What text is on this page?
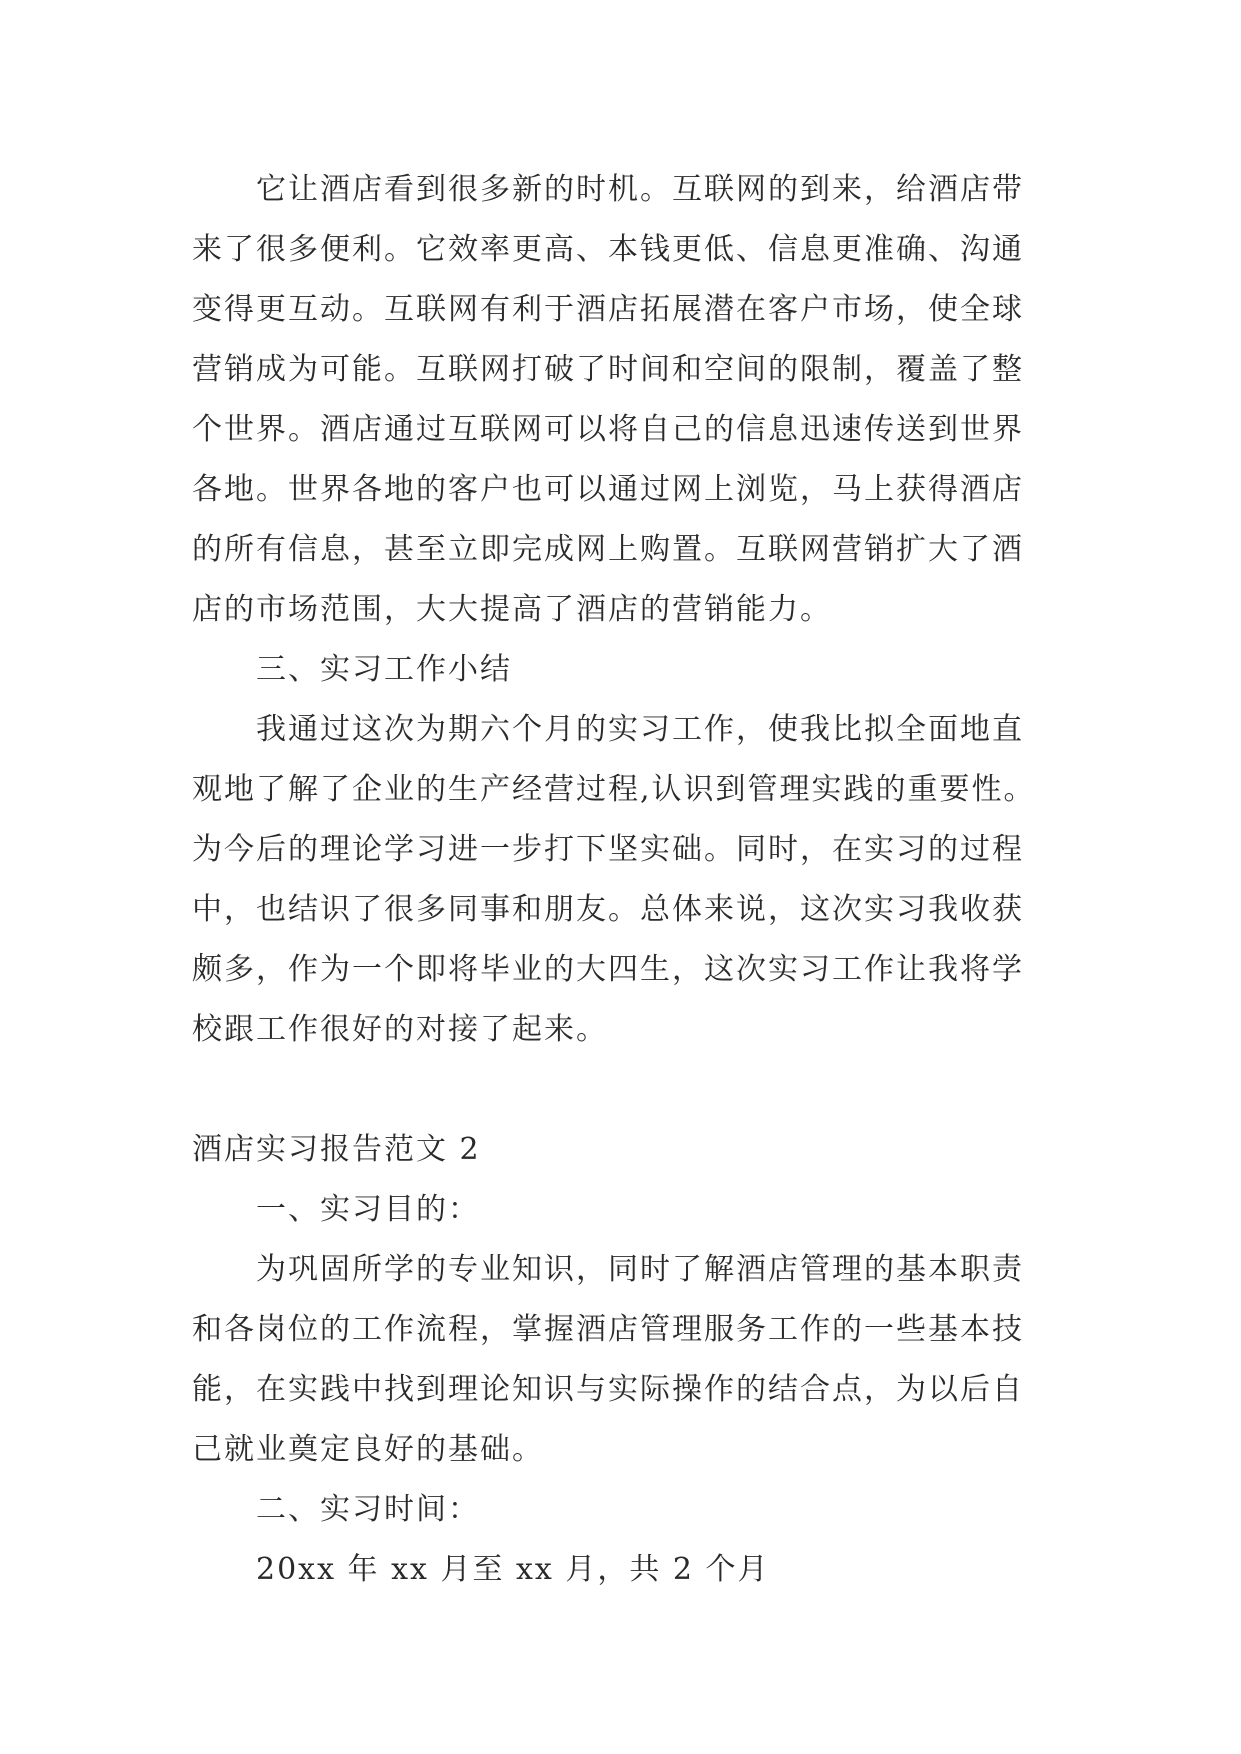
它让酒店看到很多新的时机。互联网的到来，给酒店带来了很多便利。它效率更高、本钱更低、信息更准确、沟通变得更互动。互联网有利于酒店拓展潜在客户市场，使全球营销成为可能。互联网打破了时间和空间的限制，覆盖了整个世界。酒店通过互联网可以将自己的信息迅速传送到世界各地。世界各地的客户也可以通过网上浏览，马上获得酒店的所有信息，甚至立即完成网上购置。互联网营销扩大了酒店的市场范围，大大提高了酒店的营销能力。

三、实习工作小结

我通过这次为期六个月的实习工作，使我比拟全面地直观地了解了企业的生产经营过程,认识到管理实践的重要性。为今后的理论学习进一步打下坚实础。同时，在实习的过程中，也结识了很多同事和朋友。总体来说，这次实习我收获颇多，作为一个即将毕业的大四生，这次实习工作让我将学校跟工作很好的对接了起来。

酒店实习报告范文 2

一、实习目的：

为巩固所学的专业知识，同时了解酒店管理的基本职责和各岗位的工作流程，掌握酒店管理服务工作的一些基本技能，在实践中找到理论知识与实际操作的结合点，为以后自己就业奠定良好的基础。

二、实习时间：

20xx 年 xx 月至 xx 月，共 2 个月
